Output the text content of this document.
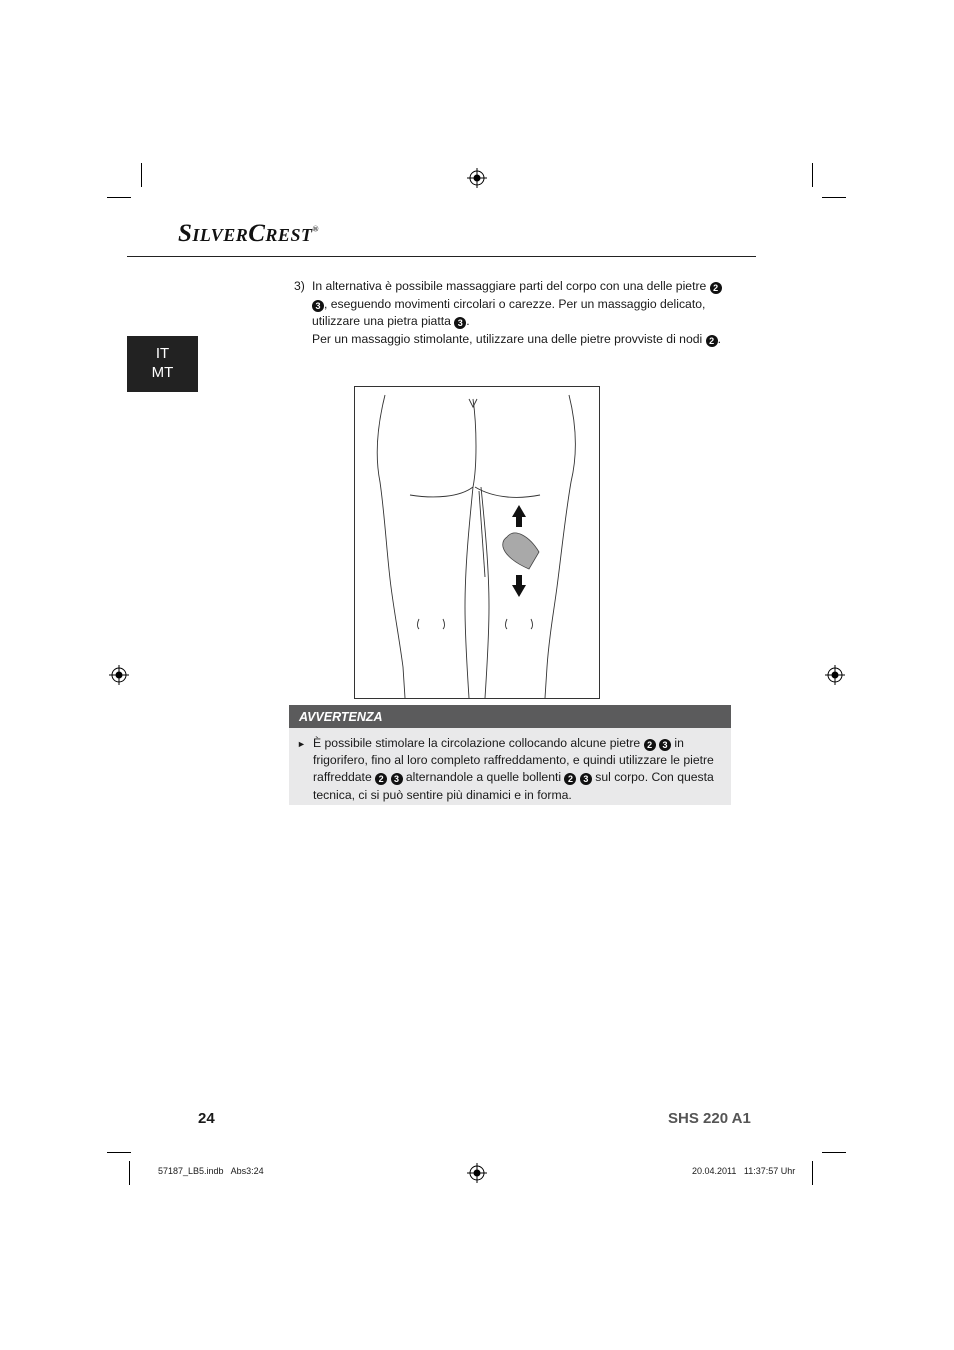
SilverCrest®
IT
MT
3) In alternativa è possibile massaggiare parti del corpo con una delle pietre 2 3 , eseguendo movimenti circolari o carezze. Per un massaggio delicato, utilizzare una pietra piatta 3 .
Per un massaggio stimolante, utilizzare una delle pietre provviste di nodi 2 .
AVVERTENZA
► È possibile stimolare la circolazione collocando alcune pietre 2 3 in frigorifero, fino al loro completo raffreddamento, e quindi utilizzare le pietre raffreddate 2 3 alternandole a quelle bollenti 2 3 sul corpo. Con questa tecnica, ci si può sentire più dinamici e in forma.
24	SHS 220 A1
57187_LB5.indb   Abs3:24	20.04.2011   11:37:57 Uhr
